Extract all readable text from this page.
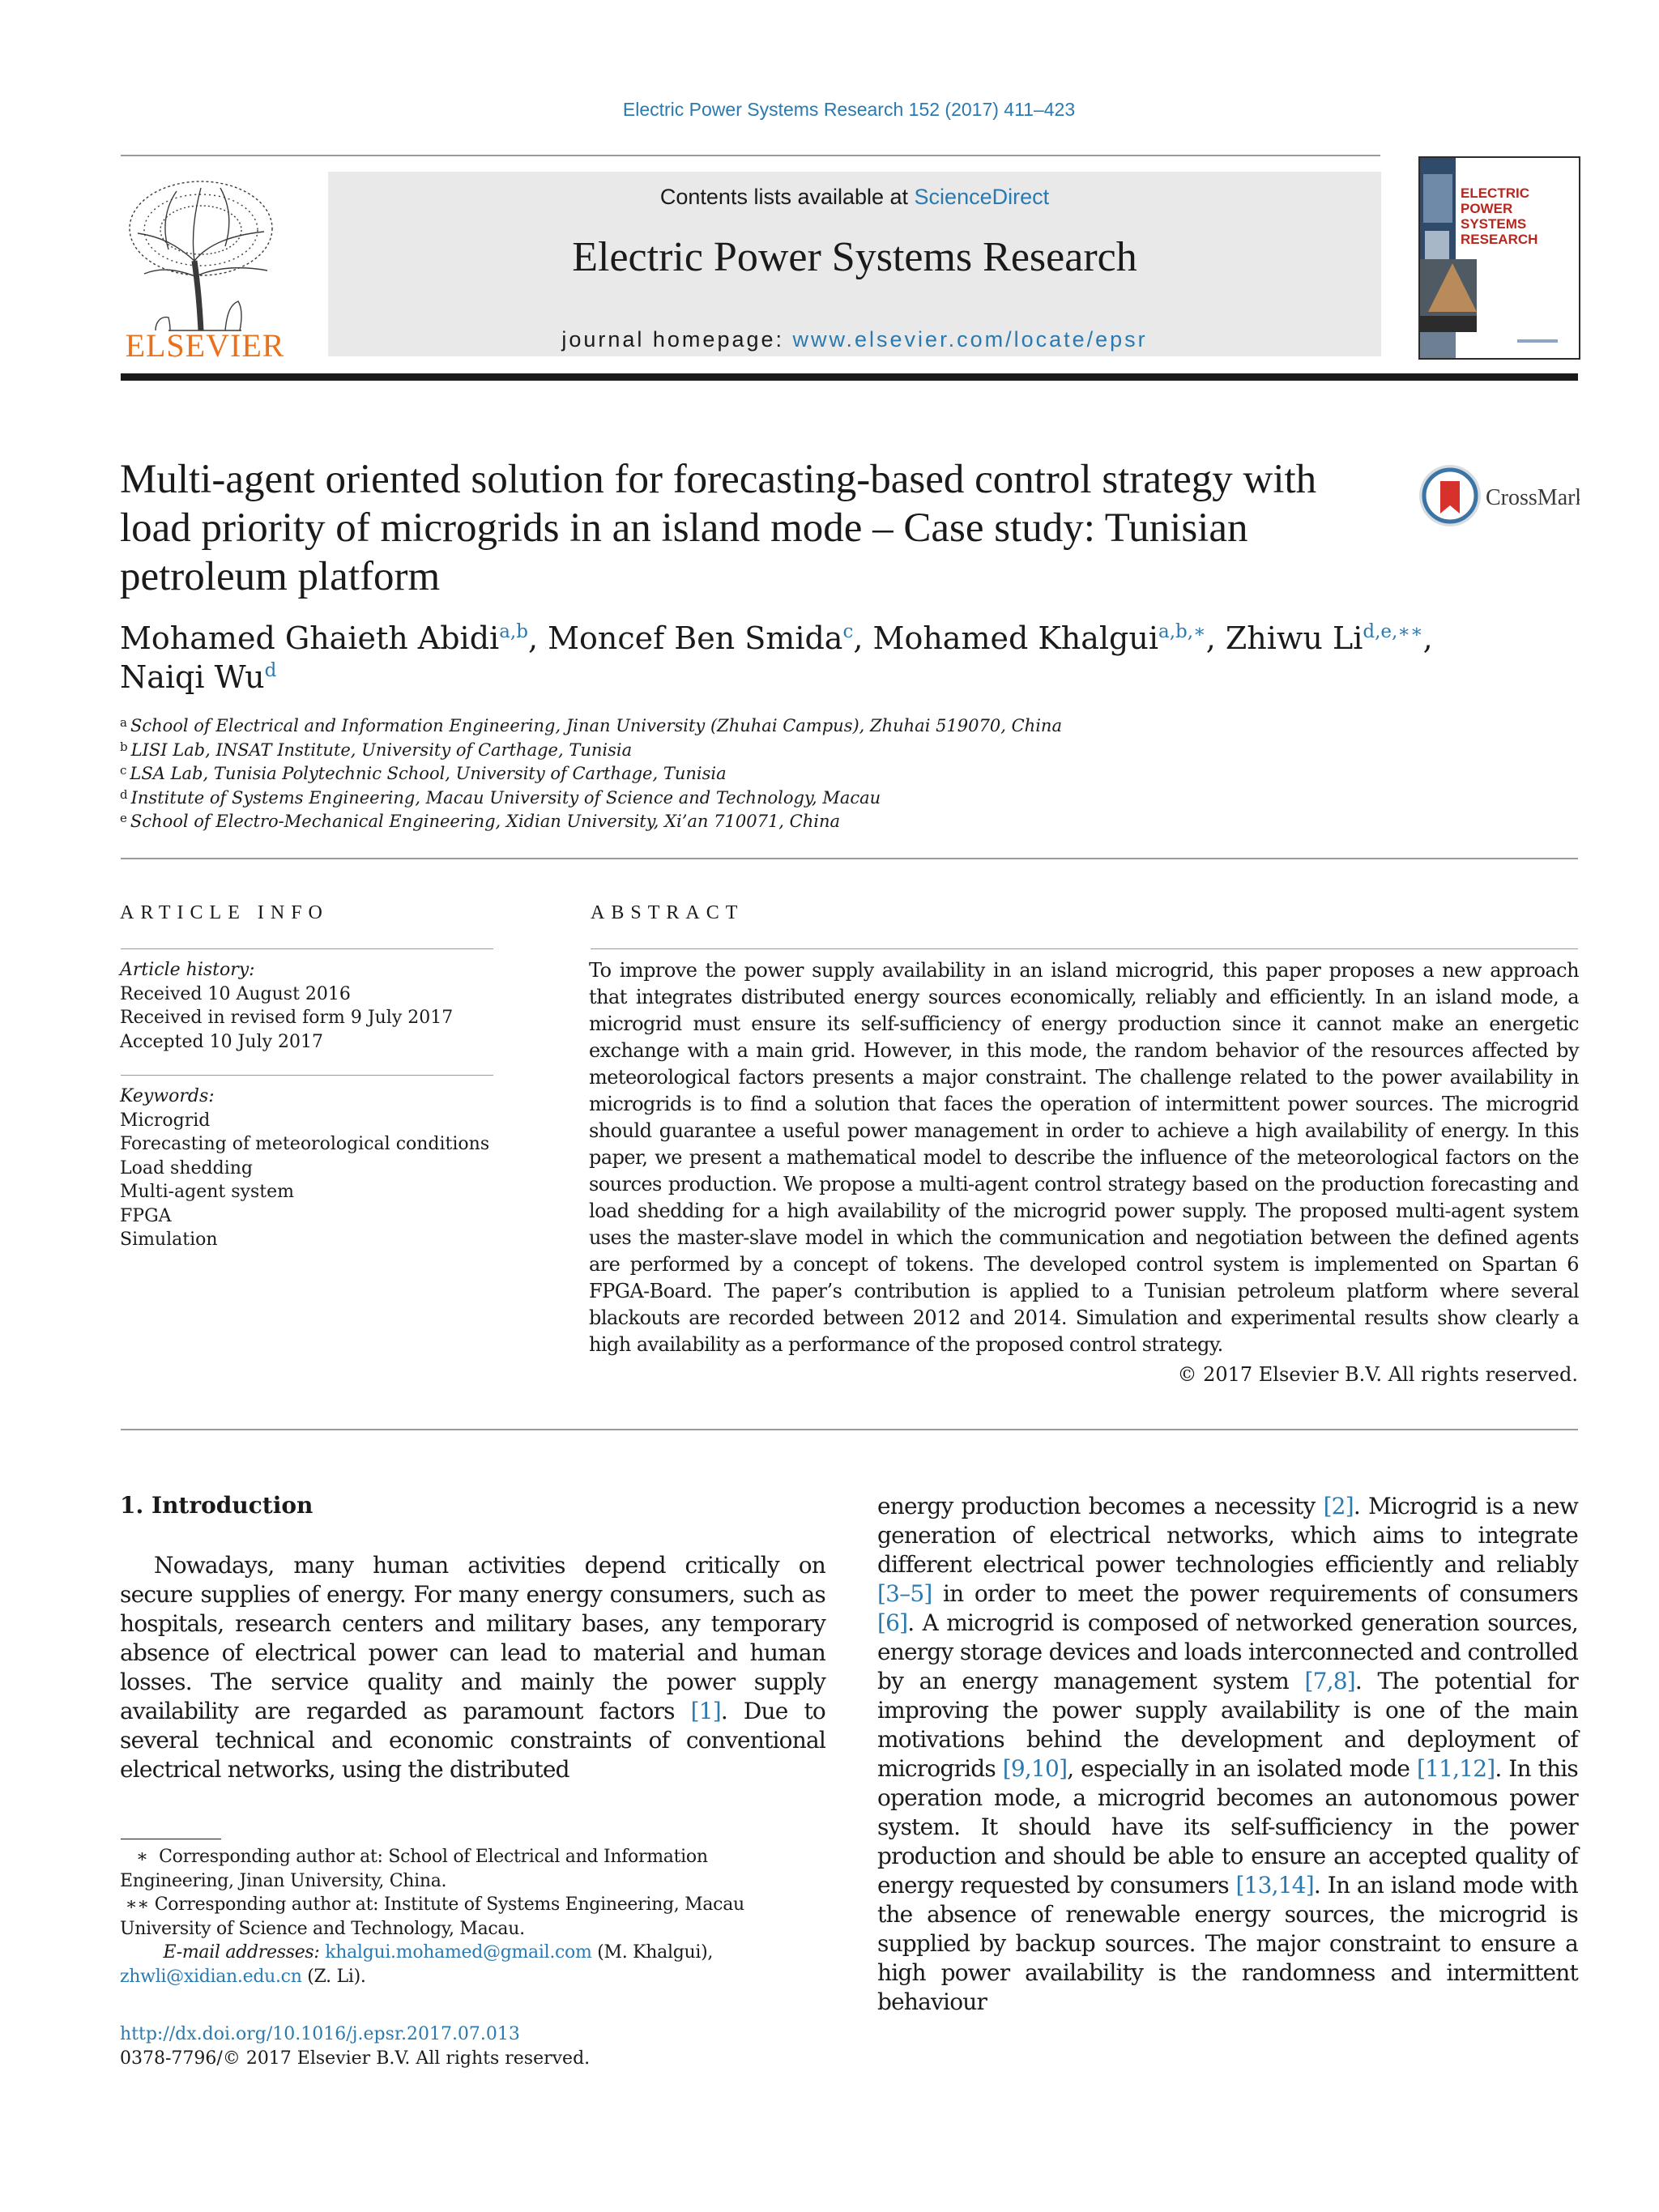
Electric Power Systems Research 152 (2017) 411–423
ELSEVIER
Contents lists available at ScienceDirect
Electric Power Systems Research
journal homepage: www.elsevier.com/locate/epsr
ELECTRIC POWER SYSTEMS RESEARCH
Multi-agent oriented solution for forecasting-based control strategy with load priority of microgrids in an island mode – Case study: Tunisian petroleum platform
CrossMark
Mohamed Ghaieth Abidi$^{a,b}$, Moncef Ben Smida$^c$, Mohamed Khalgui$^{a,b,∗}$, Zhiwu $Li^{d,e,∗∗}$,
Naiqi Wu$^d$
$^a$ School of Electrical and Information Engineering, Jinan University (Zhuhai Campus), Zhuhai 519070, China
$^b$ LISI Lab, INSAT Institute, University of Carthage, Tunisia
$^c$ LSA Lab, Tunisia Polytechnic School, University of Carthage, Tunisia
$^d$ Institute of Systems Engineering, Macau University of Science and Technology, Macau
$^e$ School of Electro-Mechanical Engineering, Xidian University, Xi’an 710071, China
ARTICLE INFO	ABSTRACT
Article history:
Received 10 August 2016
Received in revised form 9 July 2017
Accepted 10 July 2017
Keywords:
Microgrid
Forecasting of meteorological conditions
Load shedding
Multi-agent system
FPGA
Simulation
To improve the power supply availability in an island microgrid, this paper proposes a new approach that integrates distributed energy sources economically, reliably and efficiently. In an island mode, a microgrid must ensure its self-sufficiency of energy production since it cannot make an energetic exchange with a main grid. However, in this mode, the random behavior of the resources affected by meteorological factors presents a major constraint. The challenge related to the power availability in microgrids is to find a solution that faces the operation of intermittent power sources. The microgrid should guarantee a useful power management in order to achieve a high availability of energy. In this paper, we present a mathematical model to describe the influence of the meteorological factors on the sources production. We propose a multi-agent control strategy based on the production forecasting and load shedding for a high availability of the microgrid power supply. The proposed multi-agent system uses the master-slave model in which the communication and negotiation between the defined agents are performed by a concept of tokens. The developed control system is implemented on Spartan 6 FPGA-Board. The paper’s contribution is applied to a Tunisian petroleum platform where several blackouts are recorded between 2012 and 2014. Simulation and experimental results show clearly a high availability as a performance of the proposed control strategy.
© 2017 Elsevier B.V. All rights reserved.
1. Introduction
Nowadays, many human activities depend critically on secure supplies of energy. For many energy consumers, such as hospitals, research centers and military bases, any temporary absence of electrical power can lead to material and human losses. The service quality and mainly the power supply availability are regarded as paramount factors [1]. Due to several technical and economic constraints of conventional electrical networks, using the distributed
energy production becomes a necessity [2]. Microgrid is a new generation of electrical networks, which aims to integrate different electrical power technologies efficiently and reliably [3–5] in order to meet the power requirements of consumers [6]. A microgrid is composed of networked generation sources, energy storage devices and loads interconnected and controlled by an energy management system [7,8]. The potential for improving the power supply availability is one of the main motivations behind the development and deployment of microgrids [9,10], especially in an isolated mode [11,12]. In this operation mode, a microgrid becomes an autonomous power system. It should have its self-sufficiency in the power production and should be able to ensure an accepted quality of energy requested by consumers [13,14]. In an island mode with the absence of renewable energy sources, the microgrid is supplied by backup sources. The major constraint to ensure a high power availability is the randomness and intermittent behaviour

∗ Corresponding author at: School of Electrical and Information Engineering, Jinan University, China.

∗∗ Corresponding author at: Institute of Systems Engineering, Macau University of Science and Technology, Macau.

E-mail addresses: khalgui.mohamed@gmail.com (M. Khalgui),
zhwli@xidian.edu.cn (Z. Li).

http://dx.doi.org/10.1016/j.epsr.2017.07.013
0378-7796/© 2017 Elsevier B.V. All rights reserved.
